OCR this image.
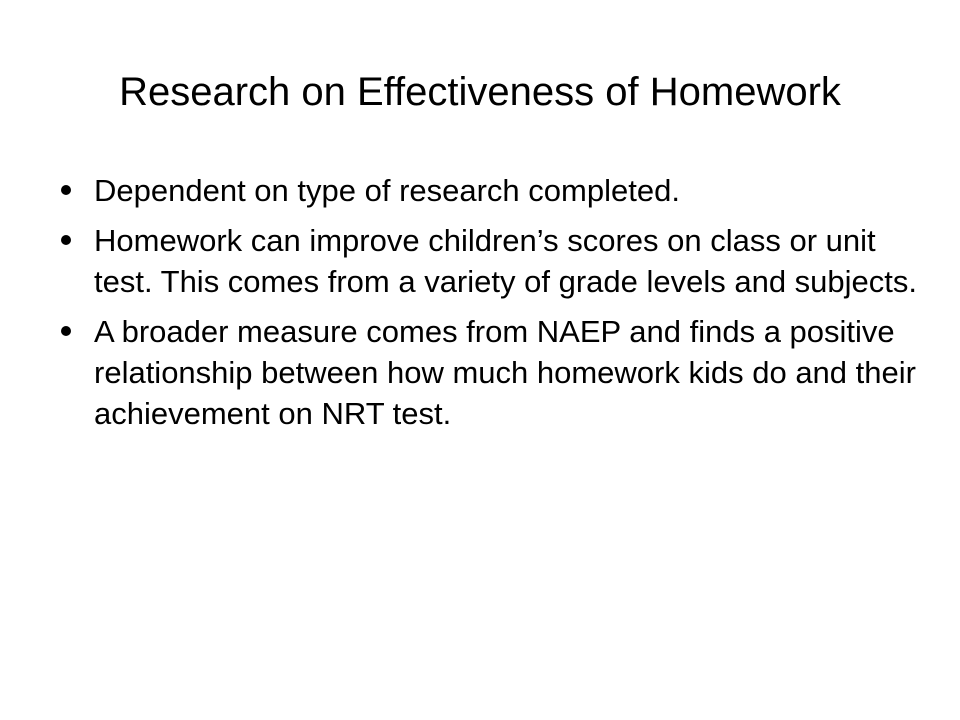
Research on Effectiveness of Homework
Dependent on type of research completed.
Homework can improve children’s scores on class or unit test. This comes from a variety of grade levels and subjects.
A broader measure comes from NAEP and finds a positive relationship between how much homework kids do and their achievement on NRT test.
